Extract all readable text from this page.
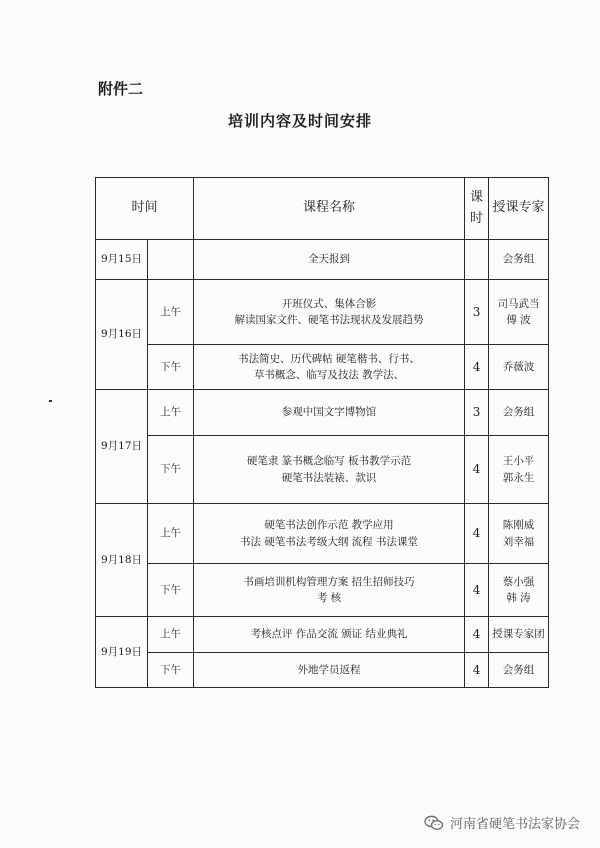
附件二
培训内容及时间安排
时间		课程名称	课
时	授课专家
9月15日		全天报到		会务组

9月16日	上午	开班仪式、集体合影
解读国家文件、硬笔书法现状及发展趋势	3	司马武当
傅 波

	下午	书法简史、历代碑帖 硬笔楷书、行书、
草书概念、临写及技法 教学法、	4	乔薇波

9月17日	上午	参观中国文字博物馆	3	会务组

	下午	硬笔隶 篆书概念临写 板书教学示范
硬笔书法装裱、款识	4	王小平
郭永生

9月18日	上午	硬笔书法创作示范 教学应用
书法 硬笔书法考级大纲 流程 书法课堂	4	陈刚威
刘幸福

	下午	书画培训机构管理方案 招生招师技巧
考 核	4	蔡小强
韩 涛

9月19日	上午	考核点评 作品交流 颁证 结业典礼	4	授课专家团

	下午	外地学员返程	4	会务组
河南省硬笔书法家协会
